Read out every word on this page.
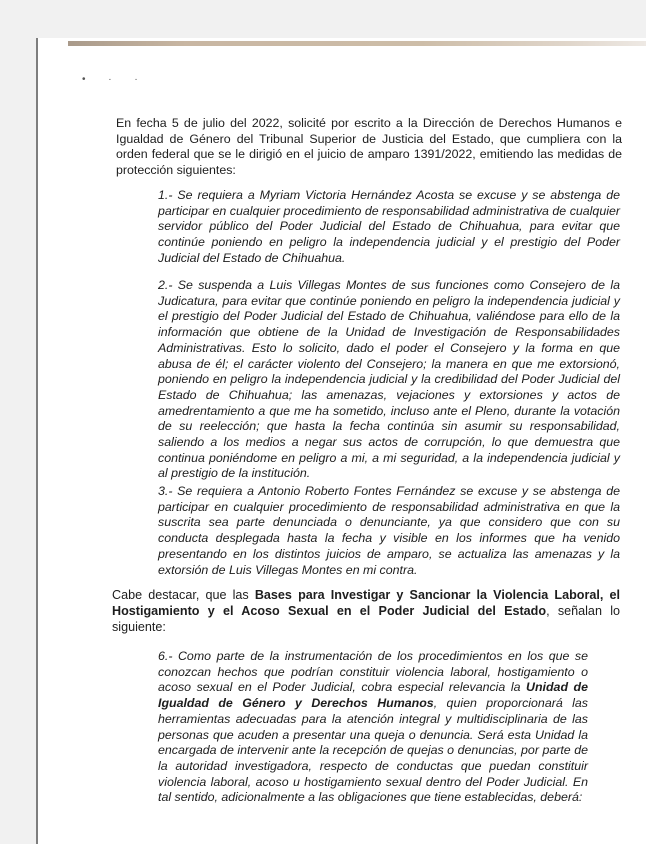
• · ·

En fecha 5 de julio del 2022, solicité por escrito a la Dirección de Derechos Humanos e Igualdad de Género del Tribunal Superior de Justicia del Estado, que cumpliera con la orden federal que se le dirigió en el juicio de amparo 1391/2022, emitiendo las medidas de protección siguientes:

1.- Se requiera a Myriam Victoria Hernández Acosta se excuse y se abstenga de participar en cualquier procedimiento de responsabilidad administrativa de cualquier servidor público del Poder Judicial del Estado de Chihuahua, para evitar que continúe poniendo en peligro la independencia judicial y el prestigio del Poder Judicial del Estado de Chihuahua.

2.- Se suspenda a Luis Villegas Montes de sus funciones como Consejero de la Judicatura, para evitar que continúe poniendo en peligro la independencia judicial y el prestigio del Poder Judicial del Estado de Chihuahua, valiéndose para ello de la información que obtiene de la Unidad de Investigación de Responsabilidades Administrativas. Esto lo solicito, dado el poder el Consejero y la forma en que abusa de él; el carácter violento del Consejero; la manera en que me extorsionó, poniendo en peligro la independencia judicial y la credibilidad del Poder Judicial del Estado de Chihuahua; las amenazas, vejaciones y extorsiones y actos de amedrentamiento a que me ha sometido, incluso ante el Pleno, durante la votación de su reelección; que hasta la fecha continúa sin asumir su responsabilidad, saliendo a los medios a negar sus actos de corrupción, lo que demuestra que continua poniéndome en peligro a mi, a mi seguridad, a la independencia judicial y al prestigio de la institución.

3.- Se requiera a Antonio Roberto Fontes Fernández se excuse y se abstenga de participar en cualquier procedimiento de responsabilidad administrativa en que la suscrita sea parte denunciada o denunciante, ya que considero que con su conducta desplegada hasta la fecha y visible en los informes que ha venido presentando en los distintos juicios de amparo, se actualiza las amenazas y la extorsión de Luis Villegas Montes en mi contra.

Cabe destacar, que las Bases para Investigar y Sancionar la Violencia Laboral, el Hostigamiento y el Acoso Sexual en el Poder Judicial del Estado, señalan lo siguiente:

6.- Como parte de la instrumentación de los procedimientos en los que se conozcan hechos que podrían constituir violencia laboral, hostigamiento o acoso sexual en el Poder Judicial, cobra especial relevancia la Unidad de Igualdad de Género y Derechos Humanos, quien proporcionará las herramientas adecuadas para la atención integral y multidisciplinaria de las personas que acuden a presentar una queja o denuncia. Será esta Unidad la encargada de intervenir ante la recepción de quejas o denuncias, por parte de la autoridad investigadora, respecto de conductas que puedan constituir violencia laboral, acoso u hostigamiento sexual dentro del Poder Judicial. En tal sentido, adicionalmente a las obligaciones que tiene establecidas, deberá:
